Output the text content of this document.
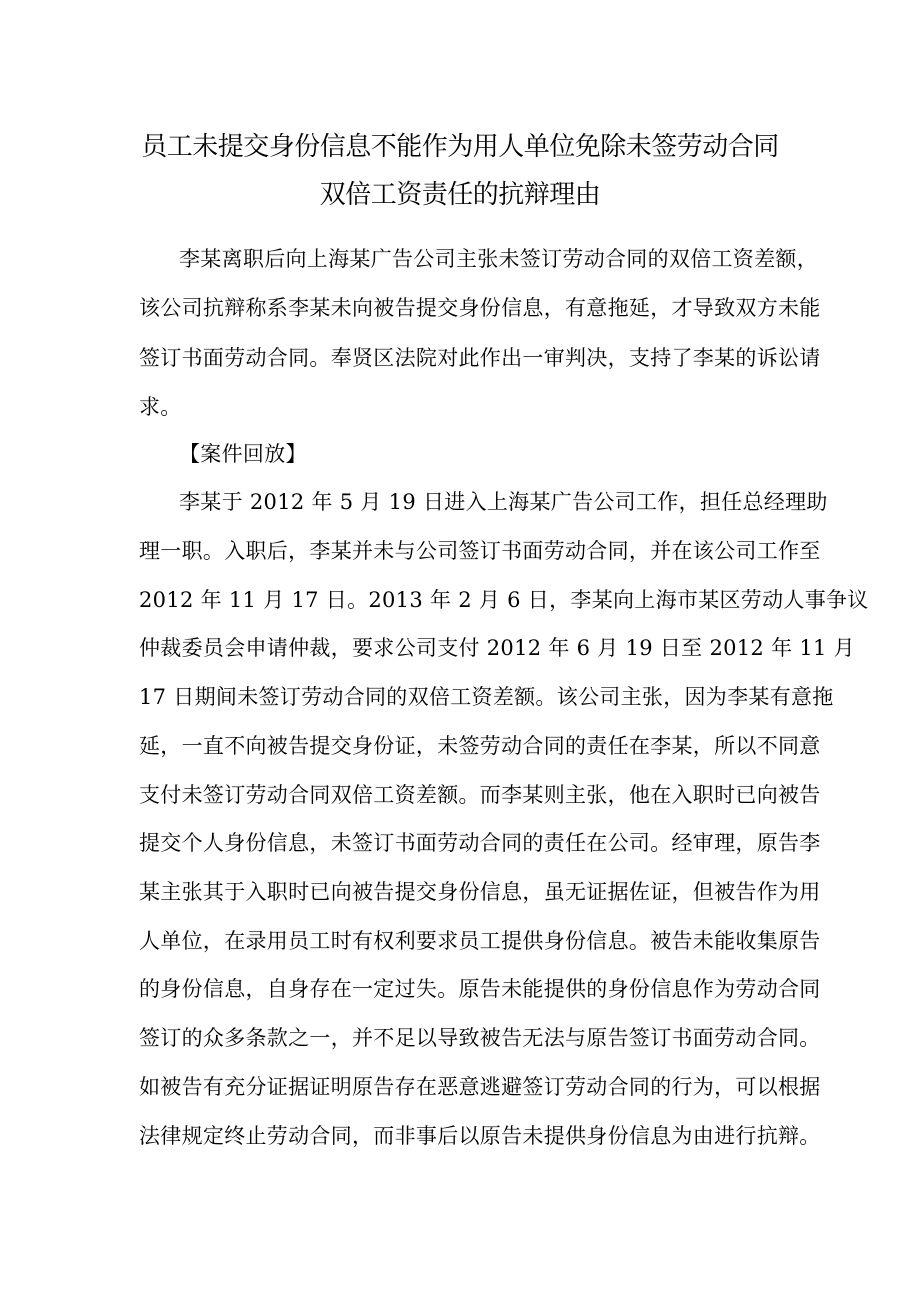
员工未提交身份信息不能作为用人单位免除未签劳动合同
双倍工资责任的抗辩理由
李某离职后向上海某广告公司主张未签订劳动合同的双倍工资差额，
该公司抗辩称系李某未向被告提交身份信息，有意拖延，才导致双方未能
签订书面劳动合同。奉贤区法院对此作出一审判决，支持了李某的诉讼请
求。
【案件回放】
李某于 2012 年 5 月 19 日进入上海某广告公司工作，担任总经理助
理一职。入职后，李某并未与公司签订书面劳动合同，并在该公司工作至
2012 年 11 月 17 日。2013 年 2 月 6 日，李某向上海市某区劳动人事争议
仲裁委员会申请仲裁，要求公司支付 2012 年 6 月 19 日至 2012 年 11 月
17 日期间未签订劳动合同的双倍工资差额。该公司主张，因为李某有意拖
延，一直不向被告提交身份证，未签劳动合同的责任在李某，所以不同意
支付未签订劳动合同双倍工资差额。而李某则主张，他在入职时已向被告
提交个人身份信息，未签订书面劳动合同的责任在公司。经审理，原告李
某主张其于入职时已向被告提交身份信息，虽无证据佐证，但被告作为用
人单位，在录用员工时有权利要求员工提供身份信息。被告未能收集原告
的身份信息，自身存在一定过失。原告未能提供的身份信息作为劳动合同
签订的众多条款之一，并不足以导致被告无法与原告签订书面劳动合同。
如被告有充分证据证明原告存在恶意逃避签订劳动合同的行为，可以根据
法律规定终止劳动合同，而非事后以原告未提供身份信息为由进行抗辩。
